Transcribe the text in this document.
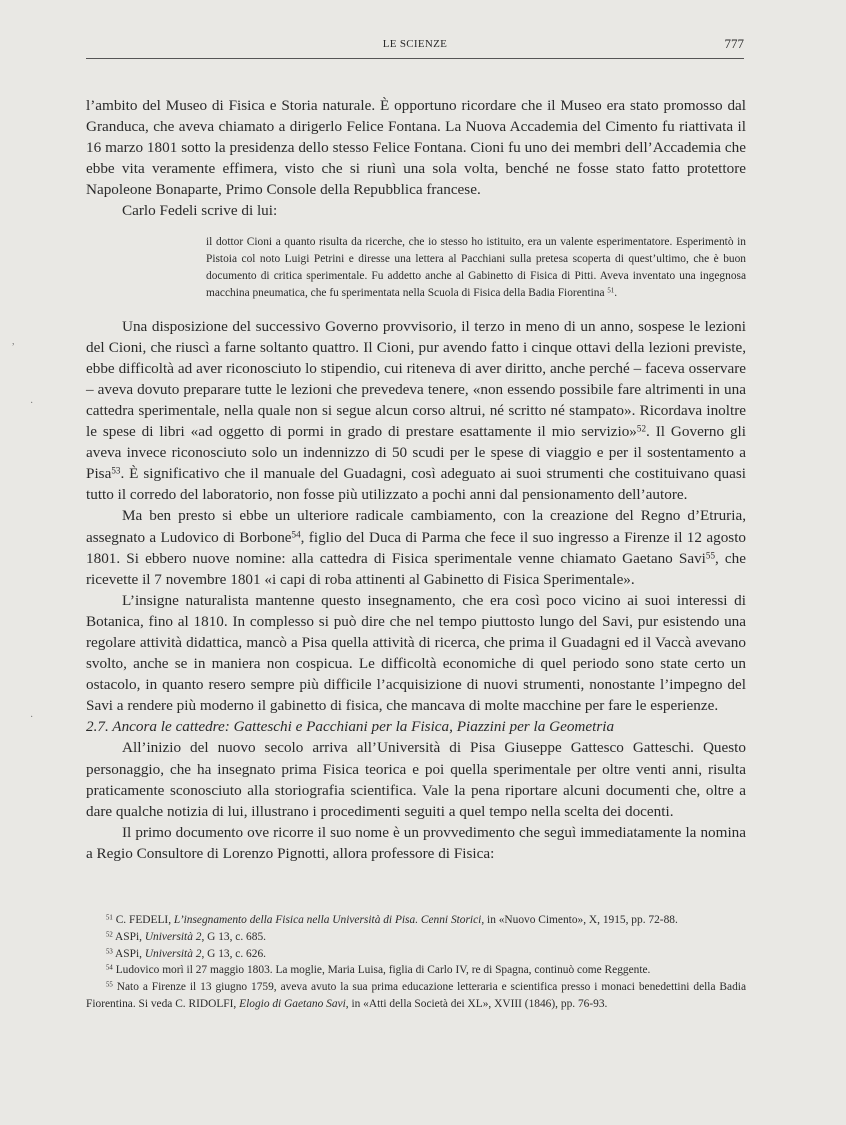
LE SCIENZE	777
,
·
·

l’ambito del Museo di Fisica e Storia naturale. È opportuno ricordare che il Museo era stato promosso dal Granduca, che aveva chiamato a dirigerlo Felice Fontana. La Nuova Accademia del Cimento fu riattivata il 16 marzo 1801 sotto la presidenza dello stesso Felice Fontana. Cioni fu uno dei membri dell’Accademia che ebbe vita veramente effimera, visto che si riunì una sola volta, benché ne fosse stato fatto protettore Napoleone Bonaparte, Primo Console della Repubblica francese.

Carlo Fedeli scrive di lui:

il dottor Cioni a quanto risulta da ricerche, che io stesso ho istituito, era un valente esperimentatore. Esperimentò in Pistoia col noto Luigi Petrini e diresse una lettera al Pacchiani sulla pretesa scoperta di quest’ultimo, che è buon documento di critica sperimentale. Fu addetto anche al Gabinetto di Fisica di Pitti. Aveva inventato una ingegnosa macchina pneumatica, che fu sperimentata nella Scuola di Fisica della Badia Fiorentina $^{51}$.

Una disposizione del successivo Governo provvisorio, il terzo in meno di un anno, sospese le lezioni del Cioni, che riuscì a farne soltanto quattro. Il Cioni, pur avendo fatto i cinque ottavi della lezioni previste, ebbe difficoltà ad aver riconosciuto lo stipendio, cui riteneva di aver diritto, anche perché – faceva osservare – aveva dovuto preparare tutte le lezioni che prevedeva tenere, «non essendo possibile fare altrimenti in una cattedra sperimentale, nella quale non si segue alcun corso altrui, né scritto né stampato». Ricordava inoltre le spese di libri «ad oggetto di pormi in grado di prestare esattamente il mio servizio»$^{52}$. Il Governo gli aveva invece riconosciuto solo un indennizzo di 50 scudi per le spese di viaggio e per il sostentamento a Pisa$^{53}$. È significativo che il manuale del Guadagni, così adeguato ai suoi strumenti che costituivano quasi tutto il corredo del laboratorio, non fosse più utilizzato a pochi anni dal pensionamento dell’autore.

Ma ben presto si ebbe un ulteriore radicale cambiamento, con la creazione del Regno d’Etruria, assegnato a Ludovico di Borbone$^{54}$, figlio del Duca di Parma che fece il suo ingresso a Firenze il 12 agosto 1801. Si ebbero nuove nomine: alla cattedra di Fisica sperimentale venne chiamato Gaetano Savi$^{55}$, che ricevette il 7 novembre 1801 «i capi di roba attinenti al Gabinetto di Fisica Sperimentale».

L’insigne naturalista mantenne questo insegnamento, che era così poco vicino ai suoi interessi di Botanica, fino al 1810. In complesso si può dire che nel tempo piuttosto lungo del Savi, pur esistendo una regolare attività didattica, mancò a Pisa quella attività di ricerca, che prima il Guadagni ed il Vaccà avevano svolto, anche se in maniera non cospicua. Le difficoltà economiche di quel periodo sono state certo un ostacolo, in quanto resero sempre più difficile l’acquisizione di nuovi strumenti, nonostante l’impegno del Savi a rendere più moderno il gabinetto di fisica, che mancava di molte macchine per fare le esperienze.

2.7. Ancora le cattedre: Gatteschi e Pacchiani per la Fisica, Piazzini per la Geometria

All’inizio del nuovo secolo arriva all’Università di Pisa Giuseppe Gattesco Gatteschi. Questo personaggio, che ha insegnato prima Fisica teorica e poi quella sperimentale per oltre venti anni, risulta praticamente sconosciuto alla storiografia scientifica. Vale la pena riportare alcuni documenti che, oltre a dare qualche notizia di lui, illustrano i procedimenti seguiti a quel tempo nella scelta dei docenti.

Il primo documento ove ricorre il suo nome è un provvedimento che seguì immediatamente la nomina a Regio Consultore di Lorenzo Pignotti, allora professore di Fisica:

$^{51}$ C. FEDELI, L’insegnamento della Fisica nella Università di Pisa. Cenni Storici, in «Nuovo Cimento», X, 1915, pp. 72-88.

$^{52}$ ASPi, Università 2, G 13, c. 685.

$^{53}$ ASPi, Università 2, G 13, c. 626.

$^{54}$ Ludovico morì il 27 maggio 1803. La moglie, Maria Luisa, figlia di Carlo IV, re di Spagna, continuò come Reggente.

$^{55}$ Nato a Firenze il 13 giugno 1759, aveva avuto la sua prima educazione letteraria e scientifica presso i monaci benedettini della Badia Fiorentina. Si veda C. RIDOLFI, Elogio di Gaetano Savi, in «Atti della Società dei XL», XVIII (1846), pp. 76-93.
